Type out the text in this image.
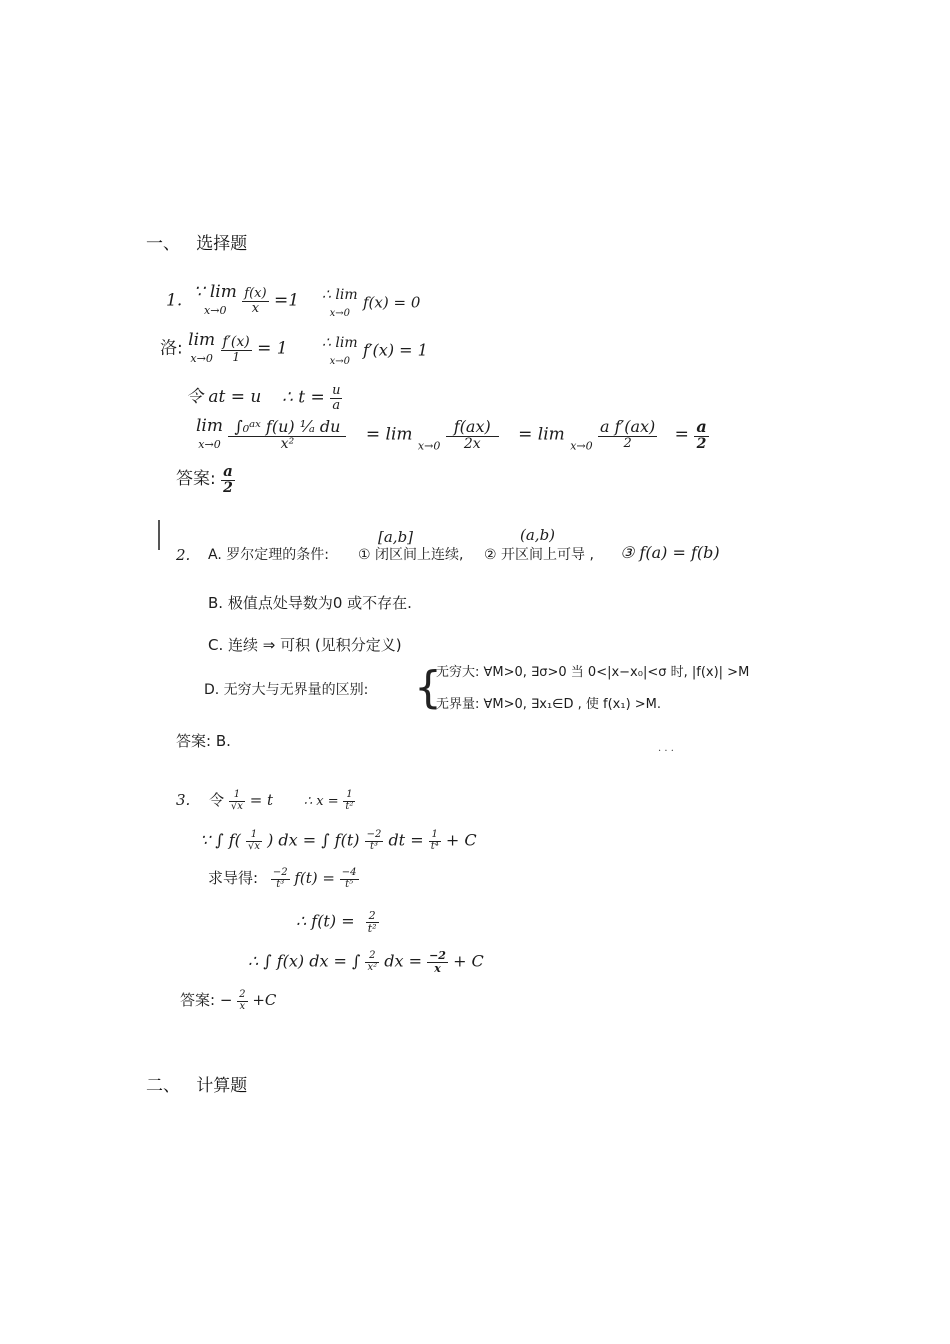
一、   选择题
1. ∵ lim
$x\to 0 \frac{f(x)}{x} =1$ ∴ lim
x→0 f(x) = 0
洛: lim
$x\to 0 \frac{f'(x)}{1} = 1$ ∴ lim
x→0 f′(x) = 1
令 at = u ∴ $t = \frac{u}{a}$
lim
$x\to 0 \frac{\text{∫₀ᵃˣ f(u) ¹⁄ₐ du}}{\text{x²}} = \lim _{x\to 0} \frac{f(ax)}{2x} = \lim _{x\to 0} \frac{\text{a f′(ax)}}{2} = \frac{a}{2}$
答案: $\frac{a}{2}$
2. A. 罗尔定理的条件:
[a,b]
① 闭区间上连续,
(a,b)
② 开区间上可导 , ③ f(a) = f(b)
B. 极值点处导数为0 或不存在.
C. 连续 ⇒ 可积 (见积分定义)
D. 无穷大与无界量的区别: {
无穷大: ∀M>0, ∃σ>0 当 0<|x−x₀|<σ 时, |f(x)| >M
无界量: ∀M>0, ∃x₁∈D , 使 f(x₁) >M.
答案: B.
· · ·
3. 令 $\frac{1}{√x} = t$ ∴ $x = \frac{1}{\text{t²}}$
∵ ∫ $f( \frac{1}{√x}$ ) dx = ∫ $f(t) \frac{-2}{\text{t³}}$ dt = $\frac{1}{\text{t⁴}} + C$
求导得: $\frac{-2}{\text{t³}} f(t) = \frac{-4}{\text{t⁵}}$
∴ $f(t) = \frac{2}{\text{t²}}$
∴ ∫ f(x) dx = ∫ $\frac{2}{\text{x²}}$ dx = $\frac{-2}{x} + C$
答案: − $\frac{2}{x} +C$
二、   计算题
